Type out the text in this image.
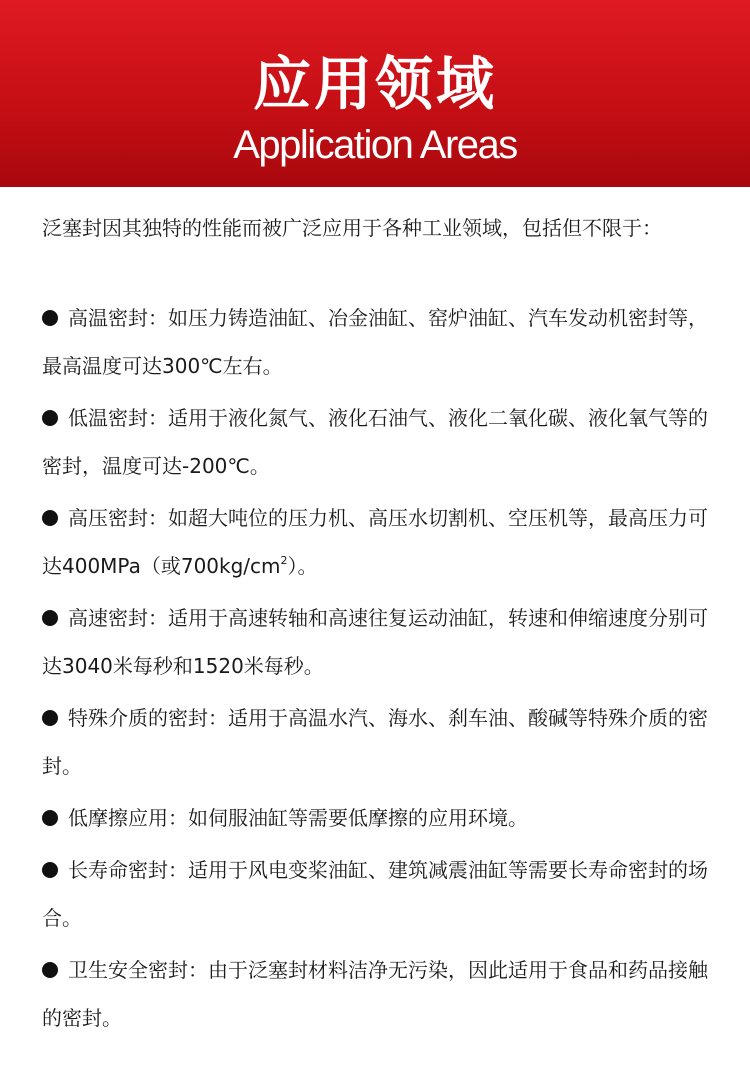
应用领域
Application Areas

泛塞封因其独特的性能而被广泛应用于各种工业领域，包括但不限于：

高温密封：如压力铸造油缸、冶金油缸、窑炉油缸、汽车发动机密封等，最高温度可达300℃左右。

低温密封：适用于液化氮气、液化石油气、液化二氧化碳、液化氧气等的密封，温度可达-200℃。

高压密封：如超大吨位的压力机、高压水切割机、空压机等，最高压力可达400MPa（或$700kg/cm^2$）。

高速密封：适用于高速转轴和高速往复运动油缸，转速和伸缩速度分别可达3040米每秒和1520米每秒。

特殊介质的密封：适用于高温水汽、海水、刹车油、酸碱等特殊介质的密封。

低摩擦应用：如伺服油缸等需要低摩擦的应用环境。

长寿命密封：适用于风电变桨油缸、建筑减震油缸等需要长寿命密封的场合。

卫生安全密封：由于泛塞封材料洁净无污染，因此适用于食品和药品接触的密封。
